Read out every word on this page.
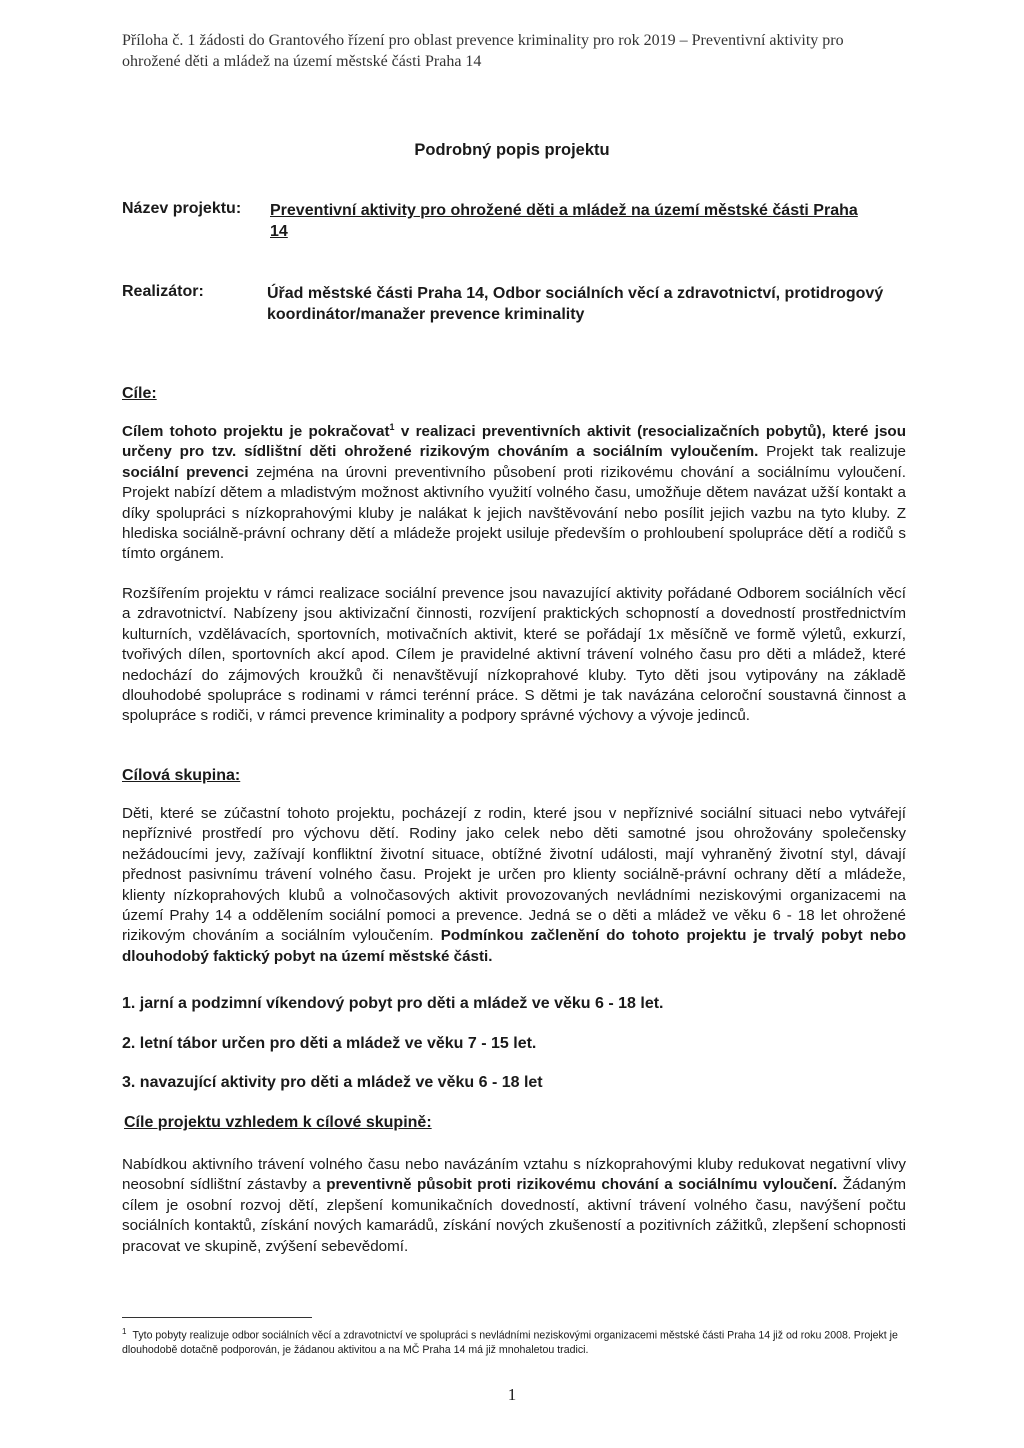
Příloha č. 1 žádosti do Grantového řízení pro oblast prevence kriminality pro rok 2019 – Preventivní aktivity pro
ohrožené děti a mládež na území městské části Praha 14
Podrobný popis projektu
Název projektu: Preventivní aktivity pro ohrožené děti a mládež na území městské části Praha
14
Realizátor:	Úřad městské části Praha 14, Odbor sociálních věcí a zdravotnictví, protidrogový
koordinátor/manažer prevence kriminality
Cíle:
Cílem tohoto projektu je pokračovat$^1$ v realizaci preventivních aktivit (resocializačních pobytů), které jsou určeny pro tzv. sídlištní děti ohrožené rizikovým chováním a sociálním vyloučením. Projekt tak realizuje sociální prevenci zejména na úrovni preventivního působení proti rizikovému chování a sociálnímu vyloučení. Projekt nabízí dětem a mladistvým možnost aktivního využití volného času, umožňuje dětem navázat užší kontakt a díky spolupráci s nízkoprahovými kluby je nalákat k jejich navštěvování nebo posílit jejich vazbu na tyto kluby. Z hlediska sociálně-právní ochrany dětí a mládeže projekt usiluje především o prohloubení spolupráce dětí a rodičů s tímto orgánem.
Rozšířením projektu v rámci realizace sociální prevence jsou navazující aktivity pořádané Odborem sociálních věcí a zdravotnictví. Nabízeny jsou aktivizační činnosti, rozvíjení praktických schopností a dovedností prostřednictvím kulturních, vzdělávacích, sportovních, motivačních aktivit, které se pořádají 1x měsíčně ve formě výletů, exkurzí, tvořivých dílen, sportovních akcí apod. Cílem je pravidelné aktivní trávení volného času pro děti a mládež, které nedochází do zájmových kroužků či nenavštěvují nízkoprahové kluby. Tyto děti jsou vytipovány na základě dlouhodobé spolupráce s rodinami v rámci terénní práce. S dětmi je tak navázána celoroční soustavná činnost a spolupráce s rodiči, v rámci prevence kriminality a podpory správné výchovy a vývoje jedinců.
Cílová skupina:
Děti, které se zúčastní tohoto projektu, pocházejí z rodin, které jsou v nepříznivé sociální situaci nebo vytvářejí nepříznivé prostředí pro výchovu dětí. Rodiny jako celek nebo děti samotné jsou ohrožovány společensky nežádoucími jevy, zažívají konfliktní životní situace, obtížné životní události, mají vyhraněný životní styl, dávají přednost pasivnímu trávení volného času. Projekt je určen pro klienty sociálně-právní ochrany dětí a mládeže, klienty nízkoprahových klubů a volnočasových aktivit provozovaných nevládními neziskovými organizacemi na území Prahy 14 a oddělením sociální pomoci a prevence. Jedná se o děti a mládež ve věku 6 - 18 let ohrožené rizikovým chováním a sociálním vyloučením. Podmínkou začlenění do tohoto projektu je trvalý pobyt nebo dlouhodobý faktický pobyt na území městské části.
1. jarní a podzimní víkendový pobyt pro děti a mládež ve věku 6 - 18 let.
2. letní tábor určen pro děti a mládež ve věku 7 - 15 let.
3. navazující aktivity pro děti a mládež ve věku 6 - 18 let
Cíle projektu vzhledem k cílové skupině:
Nabídkou aktivního trávení volného času nebo navázáním vztahu s nízkoprahovými kluby redukovat negativní vlivy neosobní sídlištní zástavby a preventivně působit proti rizikovému chování a sociálnímu vyloučení. Žádaným cílem je osobní rozvoj dětí, zlepšení komunikačních dovedností, aktivní trávení volného času, navýšení počtu sociálních kontaktů, získání nových kamarádů, získání nových zkušeností a pozitivních zážitků, zlepšení schopnosti pracovat ve skupině, zvýšení sebevědomí.
$^1$ Tyto pobyty realizuje odbor sociálních věcí a zdravotnictví ve spolupráci s nevládními neziskovými organizacemi městské části Praha 14 již od roku 2008. Projekt je dlouhodobě dotačně podporován, je žádanou aktivitou a na MČ Praha 14 má již mnohaletou tradici.
1
